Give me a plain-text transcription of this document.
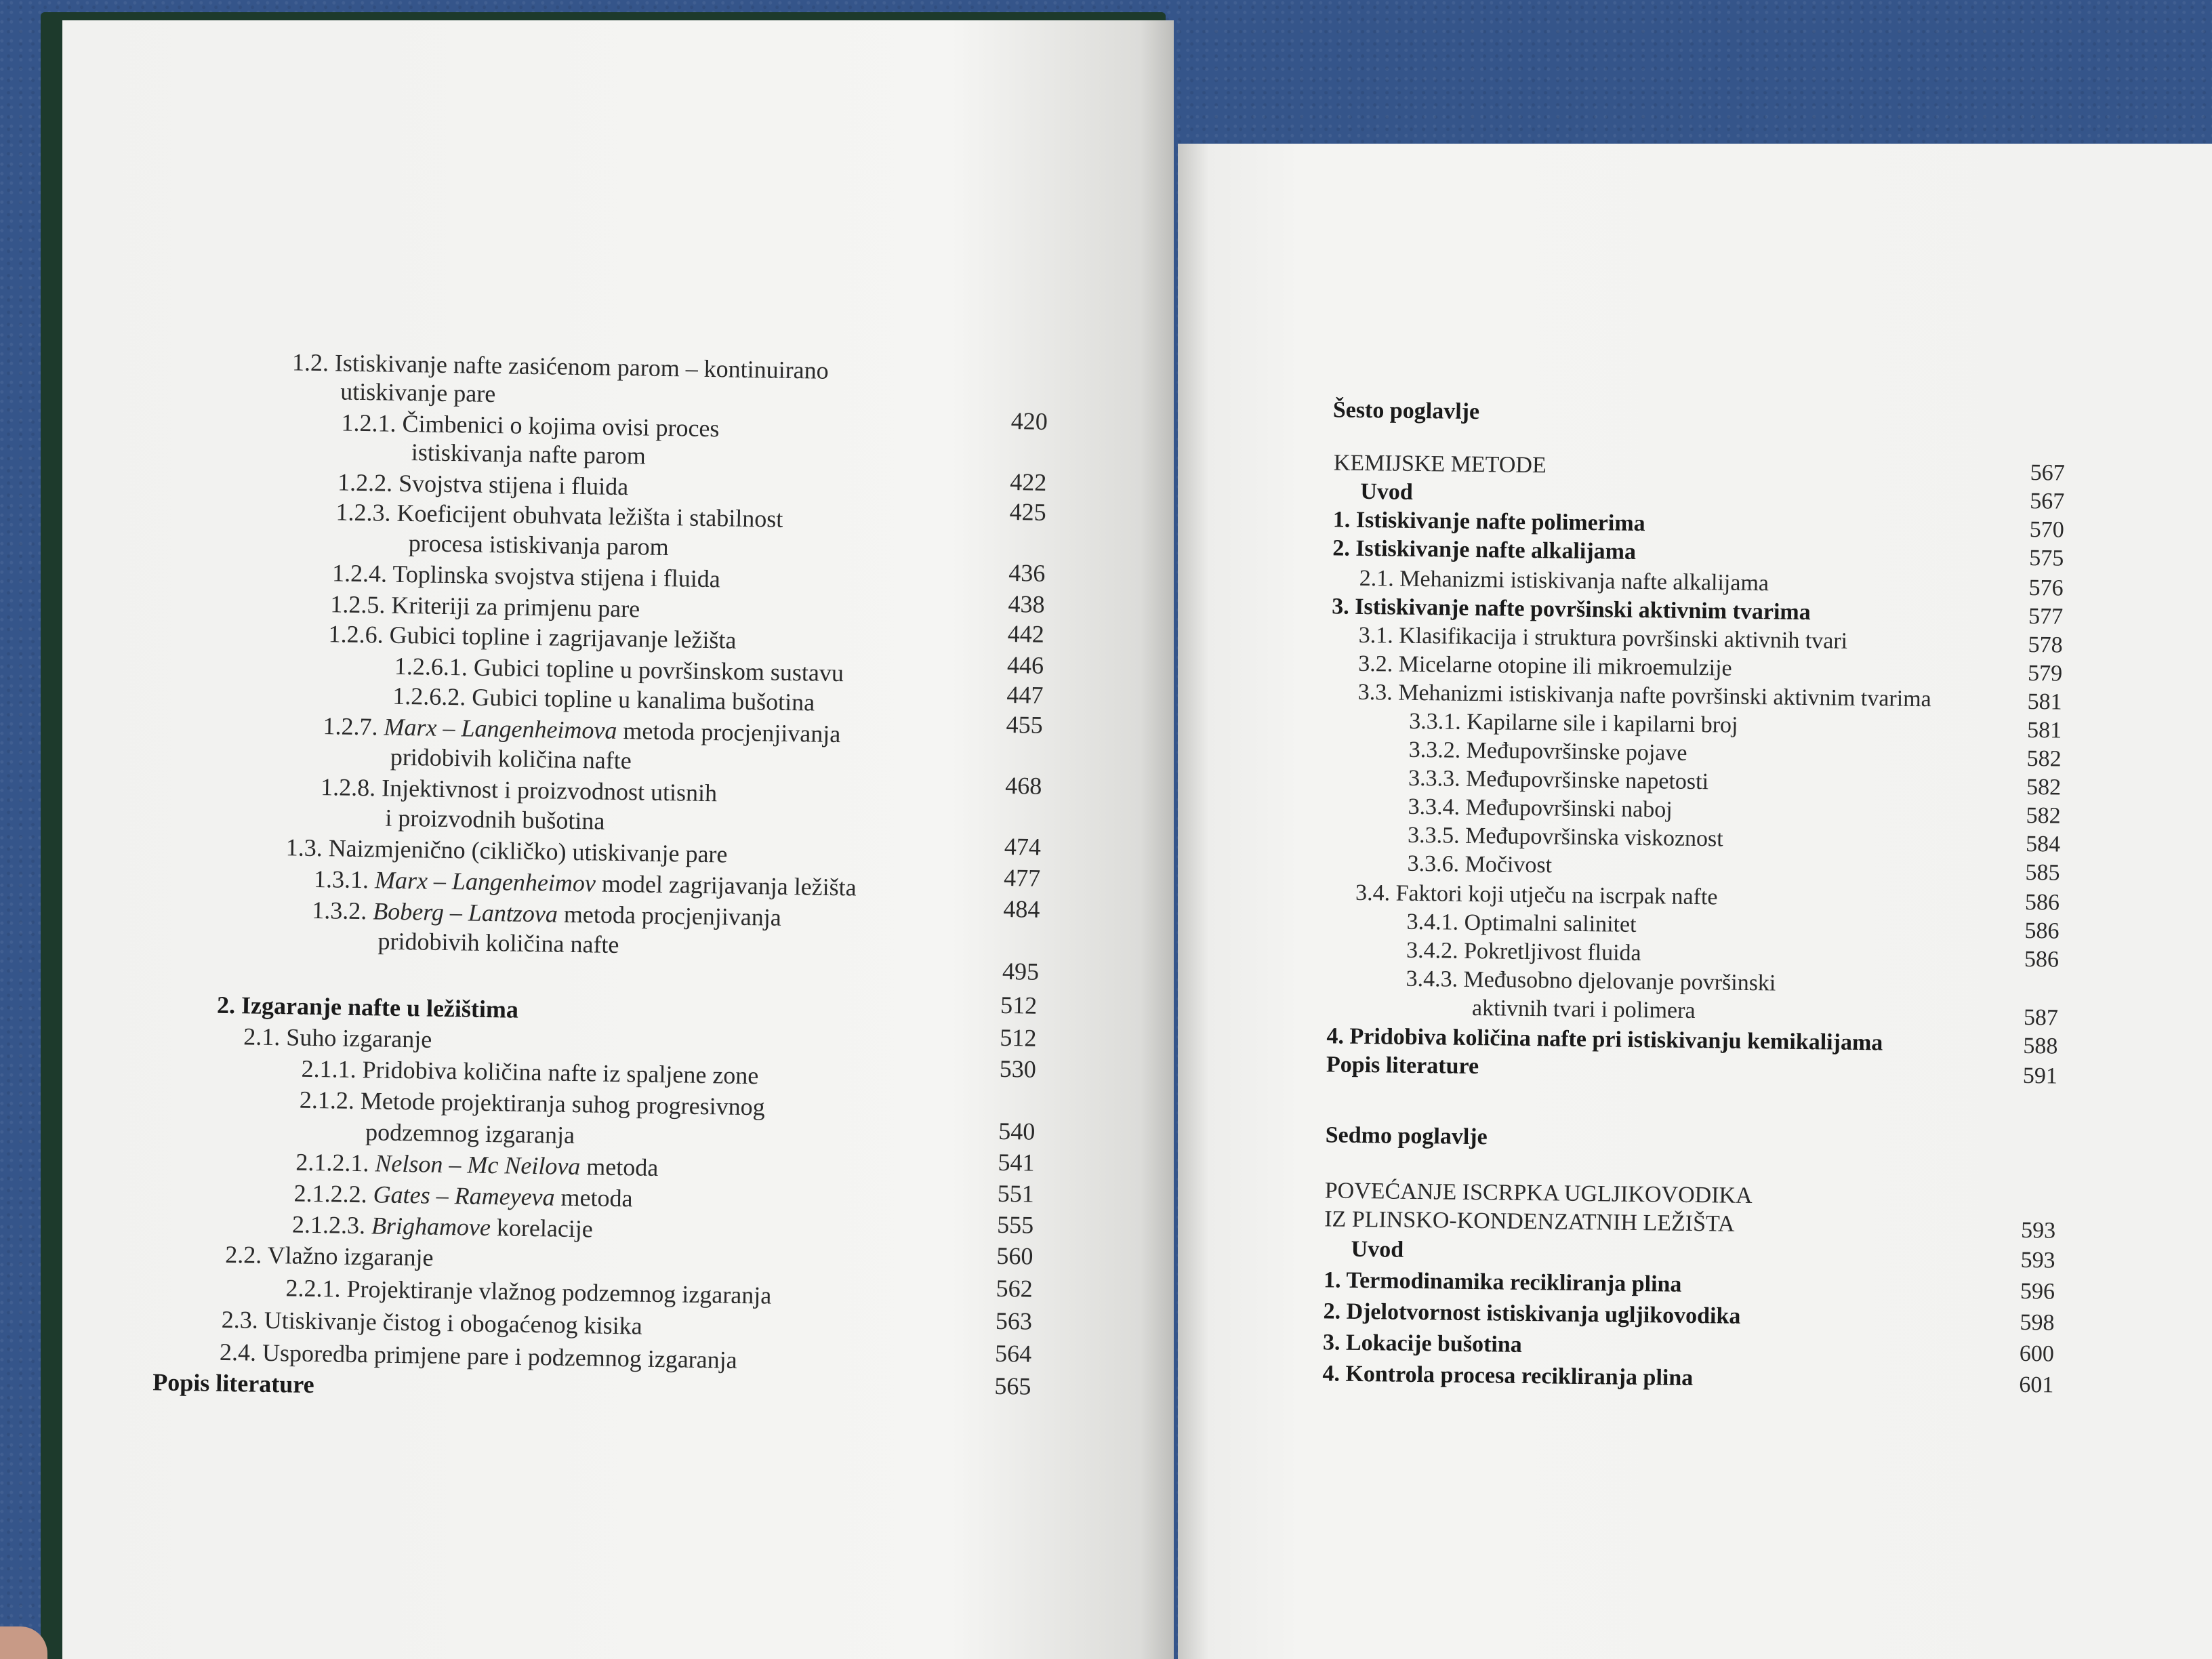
1.2. Istiskivanje nafte zasićenom parom – kontinuirano
utiskivanje pare
1.2.1. Čimbenici o kojima ovisi proces	420
istiskivanja nafte parom
1.2.2. Svojstva stijena i fluida	422
1.2.3. Koeficijent obuhvata ležišta i stabilnost	425
procesa istiskivanja parom
1.2.4. Toplinska svojstva stijena i fluida	436
1.2.5. Kriteriji za primjenu pare	438
1.2.6. Gubici topline i zagrijavanje ležišta	442
1.2.6.1. Gubici topline u površinskom sustavu	446
1.2.6.2. Gubici topline u kanalima bušotina	447
1.2.7. Marx – Langenheimova metoda procjenjivanja	455
pridobivih količina nafte
1.2.8. Injektivnost i proizvodnost utisnih	468
i proizvodnih bušotina
1.3. Naizmjenično (cikličko) utiskivanje pare	474
1.3.1. Marx – Langenheimov model zagrijavanja ležišta	477
1.3.2. Boberg – Lantzova metoda procjenjivanja	484
pridobivih količina nafte
495
2. Izgaranje nafte u ležištima	512
2.1. Suho izgaranje	512
2.1.1. Pridobiva količina nafte iz spaljene zone	530
2.1.2. Metode projektiranja suhog progresivnog
podzemnog izgaranja	540
2.1.2.1. Nelson – Mc Neilova metoda	541
2.1.2.2. Gates – Rameyeva metoda	551
2.1.2.3. Brighamove korelacije	555
2.2. Vlažno izgaranje	560
2.2.1. Projektiranje vlažnog podzemnog izgaranja	562
2.3. Utiskivanje čistog i obogaćenog kisika	563
2.4. Usporedba primjene pare i podzemnog izgaranja	564
Popis literature	565
Šesto poglavlje
KEMIJSKE METODE	567
Uvod	567
1. Istiskivanje nafte polimerima	570
2. Istiskivanje nafte alkalijama	575
2.1. Mehanizmi istiskivanja nafte alkalijama	576
3. Istiskivanje nafte površinski aktivnim tvarima	577
3.1. Klasifikacija i struktura površinski aktivnih tvari	578
3.2. Micelarne otopine ili mikroemulzije	579
3.3. Mehanizmi istiskivanja nafte površinski aktivnim tvarima	581
3.3.1. Kapilarne sile i kapilarni broj	581
3.3.2. Međupovršinske pojave	582
3.3.3. Međupovršinske napetosti	582
3.3.4. Međupovršinski naboj	582
3.3.5. Međupovršinska viskoznost	584
3.3.6. Močivost	585
3.4. Faktori koji utječu na iscrpak nafte	586
3.4.1. Optimalni salinitet	586
3.4.2. Pokretljivost fluida	586
3.4.3. Međusobno djelovanje površinski
aktivnih tvari i polimera	587
4. Pridobiva količina nafte pri istiskivanju kemikalijama	588
Popis literature	591
Sedmo poglavlje
POVEĆANJE ISCRPKA UGLJIKOVODIKA
IZ PLINSKO-KONDENZATNIH LEŽIŠTA	593
Uvod	593
1. Termodinamika recikliranja plina	596
2. Djelotvornost istiskivanja ugljikovodika	598
3. Lokacije bušotina	600
4. Kontrola procesa recikliranja plina	601
